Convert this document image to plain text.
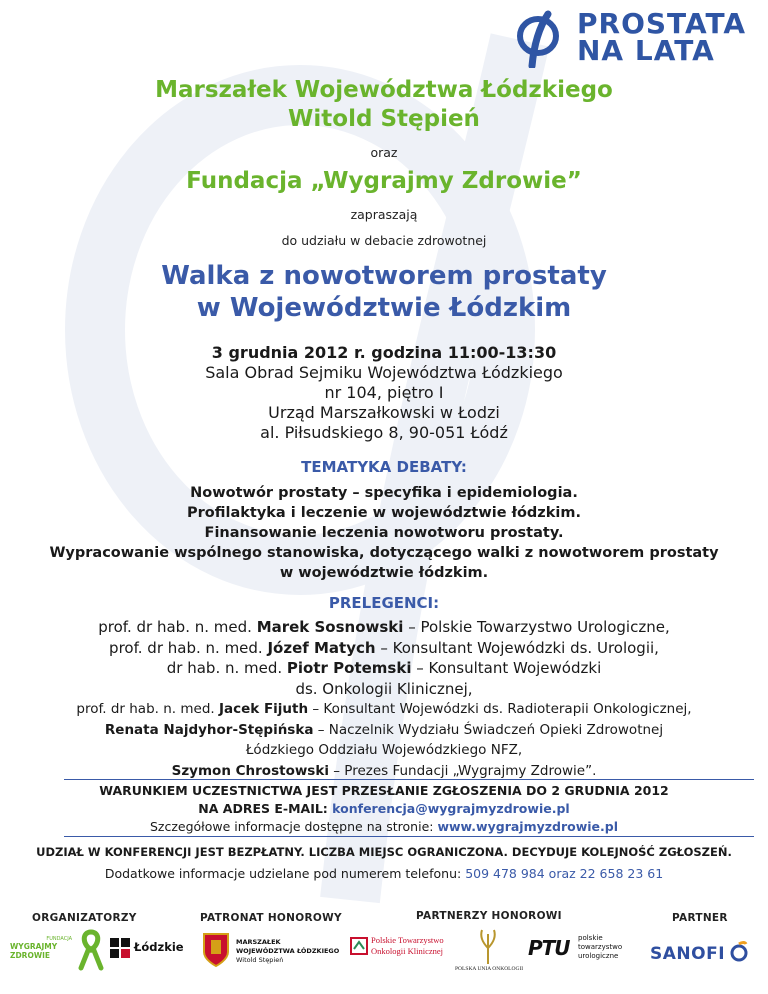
PROSTATA
NA LATA
Marszałek Województwa Łódzkiego
Witold Stępień
oraz
Fundacja „Wygrajmy Zdrowie”
zapraszają
do udziału w debacie zdrowotnej
Walka z nowotworem prostaty
w Województwie Łódzkim
3 grudnia 2012 r. godzina 11:00-13:30
Sala Obrad Sejmiku Województwa Łódzkiego
nr 104, piętro I
Urząd Marszałkowski w Łodzi
al. Piłsudskiego 8, 90-051 Łódź
TEMATYKA DEBATY:
Nowotwór prostaty – specyfika i epidemiologia.
Profilaktyka i leczenie w województwie łódzkim.
Finansowanie leczenia nowotworu prostaty.
Wypracowanie wspólnego stanowiska, dotyczącego walki z nowotworem prostaty
w województwie łódzkim.
PRELEGENCI:
prof. dr hab. n. med. Marek Sosnowski – Polskie Towarzystwo Urologiczne,
prof. dr hab. n. med. Józef Matych – Konsultant Wojewódzki ds. Urologii,
dr hab. n. med. Piotr Potemski – Konsultant Wojewódzki
ds. Onkologii Klinicznej,
prof. dr hab. n. med. Jacek Fijuth – Konsultant Wojewódzki ds. Radioterapii Onkologicznej,
Renata Najdyhor-Stępińska – Naczelnik Wydziału Świadczeń Opieki Zdrowotnej
Łódzkiego Oddziału Wojewódzkiego NFZ,
Szymon Chrostowski – Prezes Fundacji „Wygrajmy Zdrowie”.
WARUNKIEM UCZESTNICTWA JEST PRZESŁANIE ZGŁOSZENIA DO 2 GRUDNIA 2012
NA ADRES E-MAIL: konferencja@wygrajmyzdrowie.pl
Szczegółowe informacje dostępne na stronie: www.wygrajmyzdrowie.pl
UDZIAŁ W KONFERENCJI JEST BEZPŁATNY. LICZBA MIEJSC OGRANICZONA. DECYDUJE KOLEJNOŚĆ ZGŁOSZEŃ.
Dodatkowe informacje udzielane pod numerem telefonu: 509 478 984 oraz 22 658 23 61
ORGANIZATORZY	PATRONAT HONOROWY	PARTNERZY HONOROWI	PARTNER
FUNDACJA
WYGRAJMY ZDROWIE
Łódzkie	MARSZAŁEK
WOJEWÓDZTWA ŁÓDZKIEGO
Witold Stępień
Polskie Towarzystwo
Onkologii Klinicznej
POLSKA UNIA ONKOLOGII
PTU polskie
towarzystwo
urologiczne SANOFI
